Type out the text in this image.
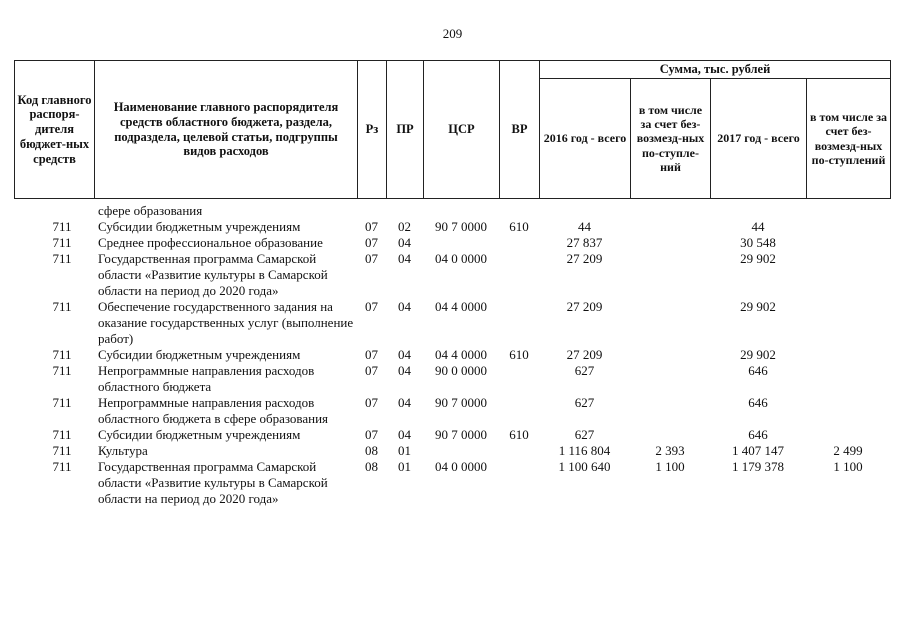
209
Код главного распоря-дителя бюджет-ных средств	Наименование главного распорядителя средств областного бюджета, раздела, подраздела, целевой статьи, подгруппы видов расходов	Рз	ПР	ЦСР	ВР	Сумма, тыс. рублей			
						2016 год - всего	в том числе за счет без-возмезд-ных по-ступле-ний	2017 год - всего	в том числе за счет без-возмезд-ных по-ступлений
	сфере образования								
711	Субсидии бюджетным учреждениям	07	02	90 7 0000	610	44		44	
711	Среднее профессиональное образование	07	04			27 837		30 548	
711	Государственная программа Самарской области «Развитие культуры в Самарской области на период до 2020 года»	07	04	04 0 0000		27 209		29 902	
711	Обеспечение государственного задания на оказание государственных услуг (выполнение работ)	07	04	04 4 0000		27 209		29 902	
711	Субсидии бюджетным учреждениям	07	04	04 4 0000	610	27 209		29 902	
711	Непрограммные направления расходов областного бюджета	07	04	90 0 0000		627		646	
711	Непрограммные направления расходов областного бюджета в сфере образования	07	04	90 7 0000		627		646	
711	Субсидии бюджетным учреждениям	07	04	90 7 0000	610	627		646	
711	Культура	08	01			1 116 804	2 393	1 407 147	2 499
711	Государственная программа Самарской области «Развитие культуры в Самарской области на период до 2020 года»	08	01	04 0 0000		1 100 640	1 100	1 179 378	1 100
